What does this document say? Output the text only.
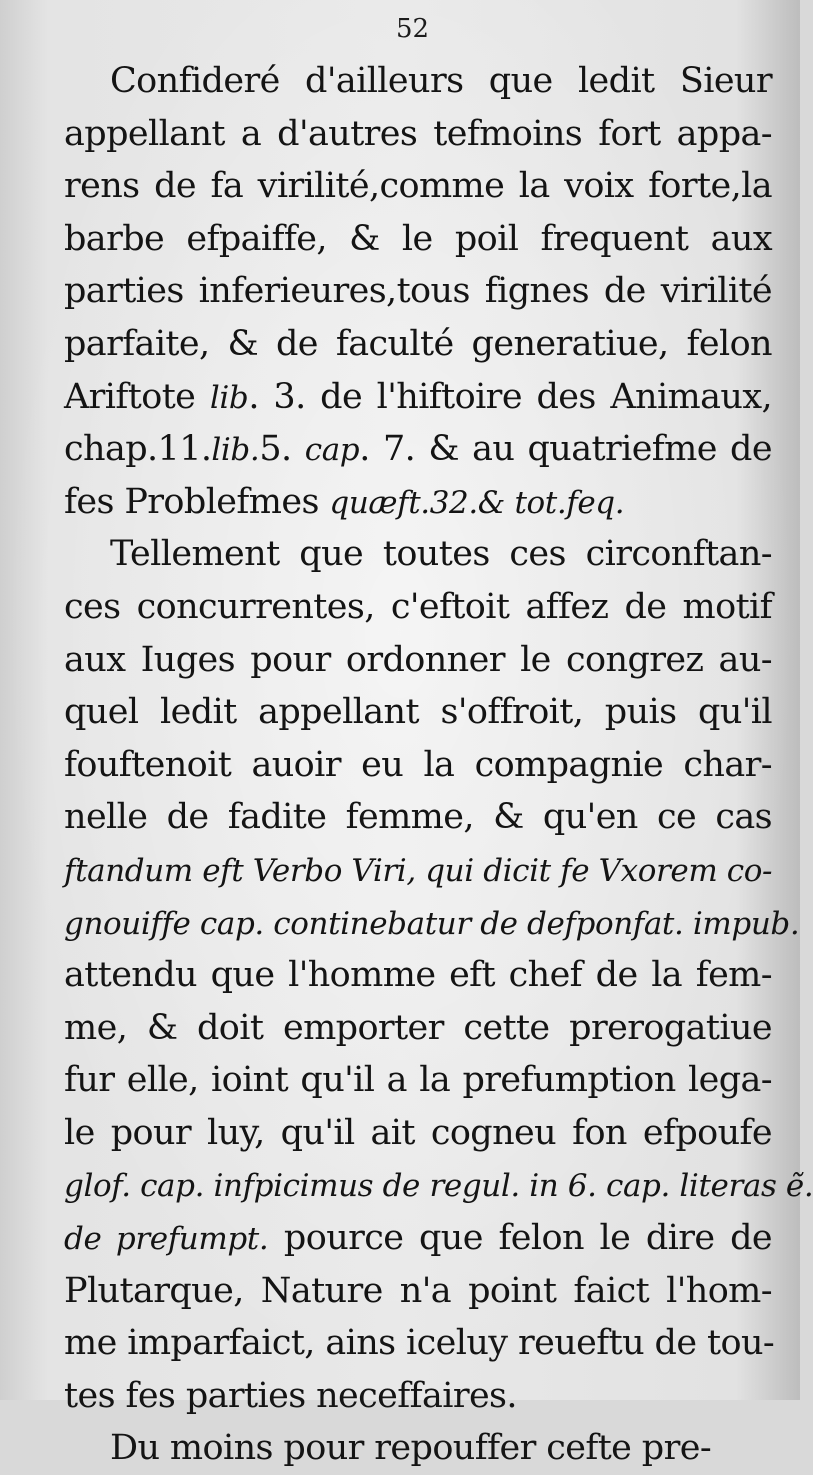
52
Confideré d'ailleurs que ledit Sieur
appellant a d'autres tefmoins fort appa-
rens de fa virilité,comme la voix forte,la
barbe efpaiffe, & le poil frequent aux
parties inferieures,tous fignes de virilité
parfaite, & de faculté generatiue, felon
Ariftote lib. 3. de l'hiftoire des Animaux,
chap.11.lib.5. cap. 7. & au quatriefme de
fes Problefmes quæft.32.& tot.feq.
Tellement que toutes ces circonftan-
ces concurrentes, c'eftoit affez de motif
aux Iuges pour ordonner le congrez au-
quel ledit appellant s'offroit, puis qu'il
fouftenoit auoir eu la compagnie char-
nelle de fadite femme, & qu'en ce cas
ftandum eft Verbo Viri, qui dicit fe Vxorem co-
gnouiffe cap. continebatur de defponfat. impub.
attendu que l'homme eft chef de la fem-
me, & doit emporter cette prerogatiue
fur elle, ioint qu'il a la prefumption lega-
le pour luy, qu'il ait cogneu fon efpoufe
glof. cap. infpicimus de regul. in 6. cap. literas ẽ.
de prefumpt. pource que felon le dire de
Plutarque, Nature n'a point faict l'hom-
me imparfaict, ains iceluy reueftu de tou-
tes fes parties neceffaires.
Du moins pour repouffer cefte pre-
